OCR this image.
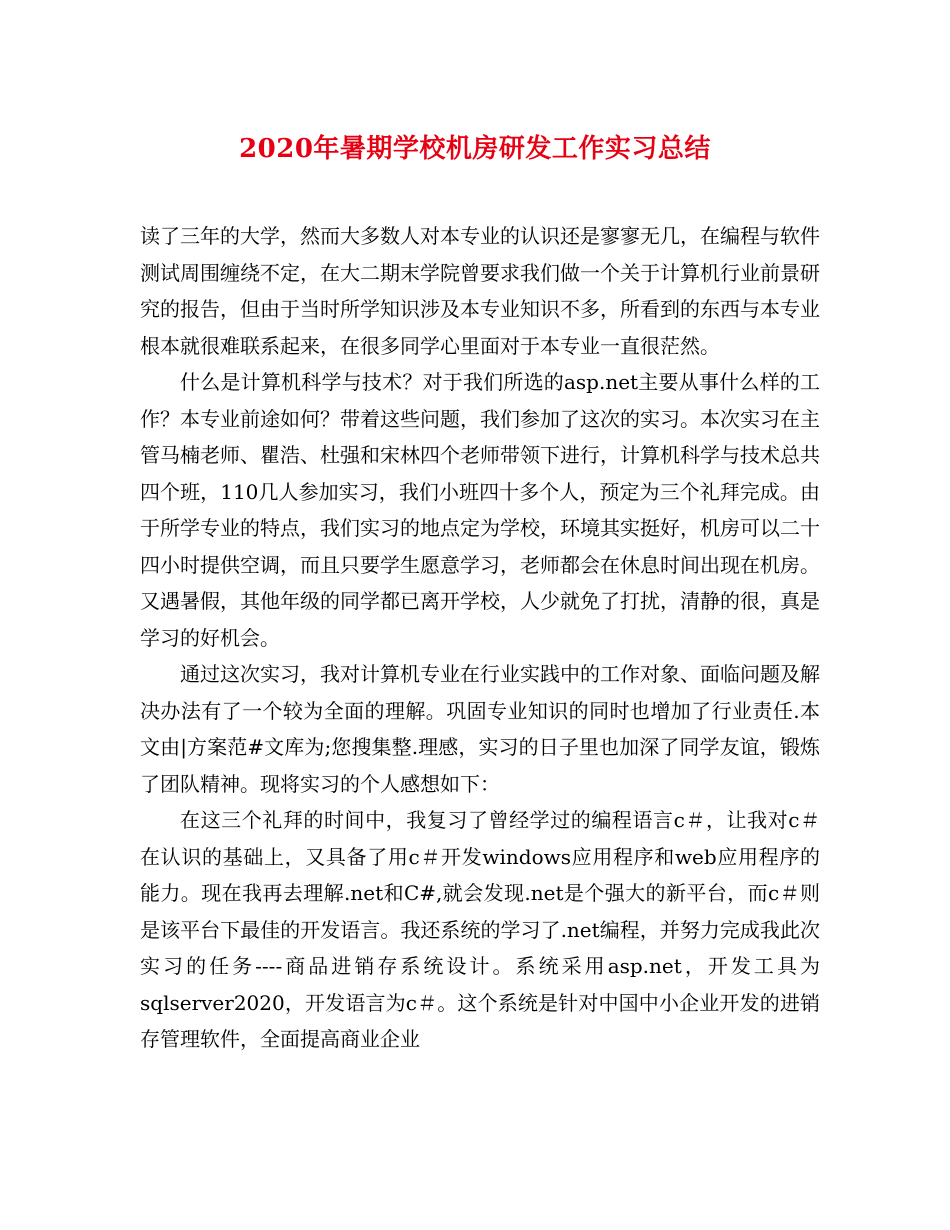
2020年暑期学校机房研发工作实习总结

读了三年的大学，然而大多数人对本专业的认识还是寥寥无几，在编程与软件测试周围缠绕不定，在大二期末学院曾要求我们做一个关于计算机行业前景研究的报告，但由于当时所学知识涉及本专业知识不多，所看到的东西与本专业根本就很难联系起来，在很多同学心里面对于本专业一直很茫然。

什么是计算机科学与技术？对于我们所选的asp.net主要从事什么样的工作？本专业前途如何？带着这些问题，我们参加了这次的实习。本次实习在主管马楠老师、瞿浩、杜强和宋林四个老师带领下进行，计算机科学与技术总共四个班，110几人参加实习，我们小班四十多个人，预定为三个礼拜完成。由于所学专业的特点，我们实习的地点定为学校，环境其实挺好，机房可以二十四小时提供空调，而且只要学生愿意学习，老师都会在休息时间出现在机房。又遇暑假，其他年级的同学都已离开学校，人少就免了打扰，清静的很，真是学习的好机会。

通过这次实习，我对计算机专业在行业实践中的工作对象、面临问题及解决办法有了一个较为全面的理解。巩固专业知识的同时也增加了行业责任.本文由|方案范#文库为;您搜集整.理感，实习的日子里也加深了同学友谊，锻炼了团队精神。现将实习的个人感想如下：

在这三个礼拜的时间中，我复习了曾经学过的编程语言c＃，让我对c＃在认识的基础上，又具备了用c＃开发windows应用程序和web应用程序的能力。现在我再去理解.net和C#,就会发现.net是个强大的新平台，而c＃则是该平台下最佳的开发语言。我还系统的学习了.net编程，并努力完成我此次实习的任务----商品进销存系统设计。系统采用asp.net，开发工具为sqlserver2020，开发语言为c＃。这个系统是针对中国中小企业开发的进销存管理软件，全面提高商业企业
